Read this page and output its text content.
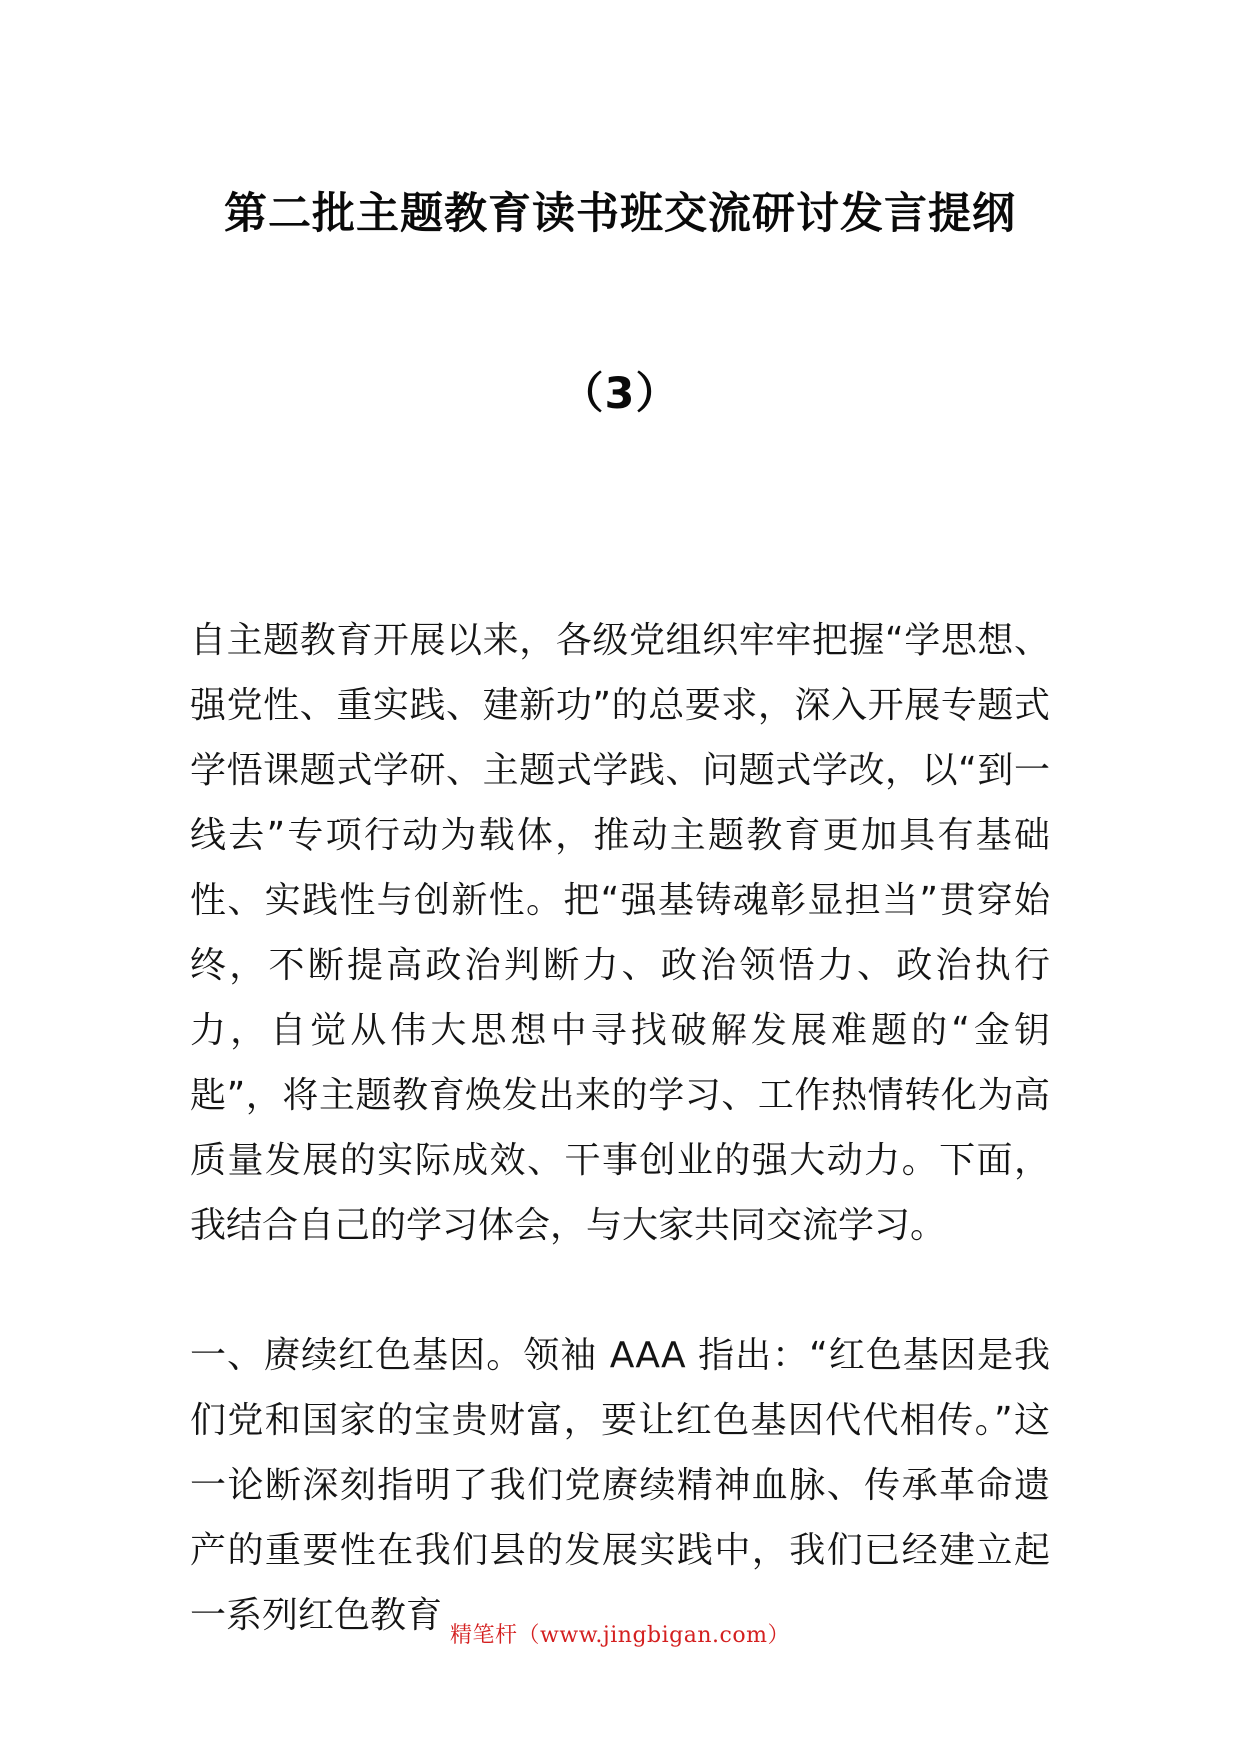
第二批主题教育读书班交流研讨发言提纲
（3）

自主题教育开展以来，各级党组织牢牢把握“学思想、强党性、重实践、建新功”的总要求，深入开展专题式学悟课题式学研、主题式学践、问题式学改，以“到一线去”专项行动为载体，推动主题教育更加具有基础性、实践性与创新性。把“强基铸魂彰显担当”贯穿始终，不断提高政治判断力、政治领悟力、政治执行力，自觉从伟大思想中寻找破解发展难题的“金钥匙”，将主题教育焕发出来的学习、工作热情转化为高质量发展的实际成效、干事创业的强大动力。下面，我结合自己的学习体会，与大家共同交流学习。

一、赓续红色基因。领袖 AAA 指出：“红色基因是我们党和国家的宝贵财富，要让红色基因代代相传。”这一论断深刻指明了我们党赓续精神血脉、传承革命遗产的重要性在我们县的发展实践中，我们已经建立起一系列红色教育 精笔杆（www.jingbigan.com）
